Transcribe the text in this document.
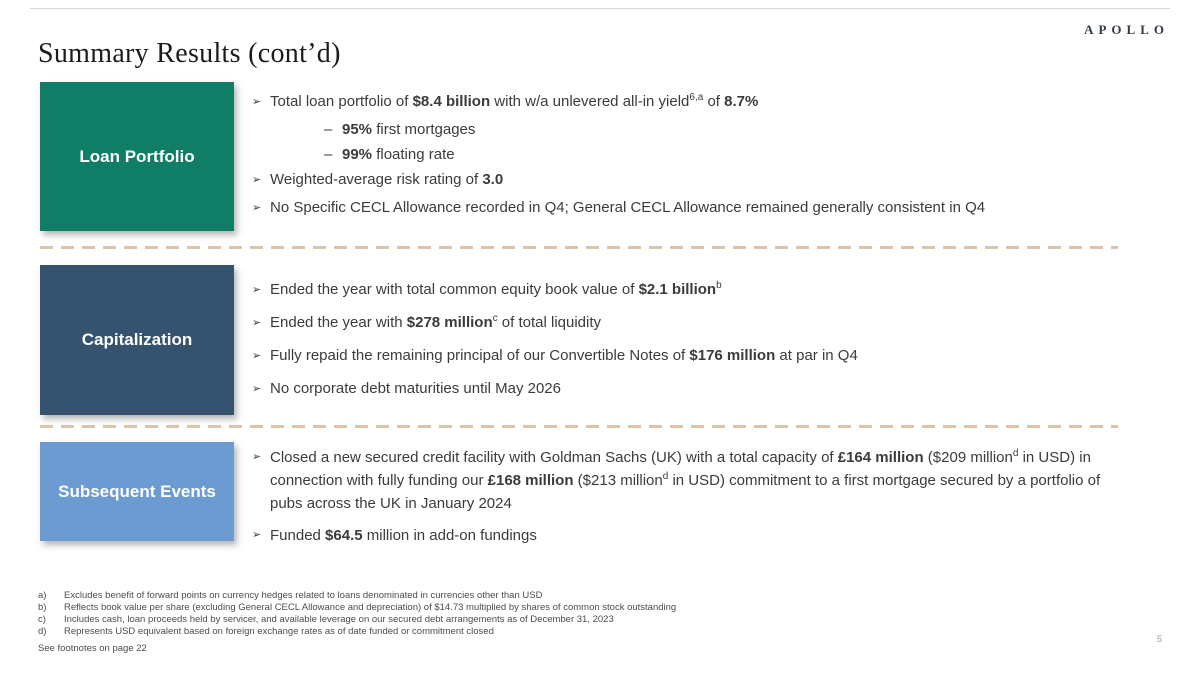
APOLLO
Summary Results (cont’d)
Loan Portfolio
➢ Total loan portfolio of $8.4 billion with w/a unlevered all-in yield$^{6,a}$ of 8.7%
– 95% first mortgages
– 99% floating rate
➢ Weighted-average risk rating of 3.0
➢ No Specific CECL Allowance recorded in Q4; General CECL Allowance remained generally consistent in Q4
Capitalization
➢ Ended the year with total common equity book value of $2.1 billion$^b$
➢ Ended the year with $278 million$^c$ of total liquidity
➢ Fully repaid the remaining principal of our Convertible Notes of $176 million at par in Q4
➢ No corporate debt maturities until May 2026
Subsequent Events
➢ Closed a new secured credit facility with Goldman Sachs (UK) with a total capacity of £164 million ($209 million$^d$ in USD) in connection with fully funding our £168 million ($213 million$^d$ in USD) commitment to a first mortgage secured by a portfolio of pubs across the UK in January 2024
➢ Funded $64.5 million in add-on fundings
a)	Excludes benefit of forward points on currency hedges related to loans denominated in currencies other than USD
b)	Reflects book value per share (excluding General CECL Allowance and depreciation) of $14.73 multiplied by shares of common stock outstanding
c)	Includes cash, loan proceeds held by servicer, and available leverage on our secured debt arrangements as of December 31, 2023
d)	Represents USD equivalent based on foreign exchange rates as of date funded or commitment closed
See footnotes on page 22
5
